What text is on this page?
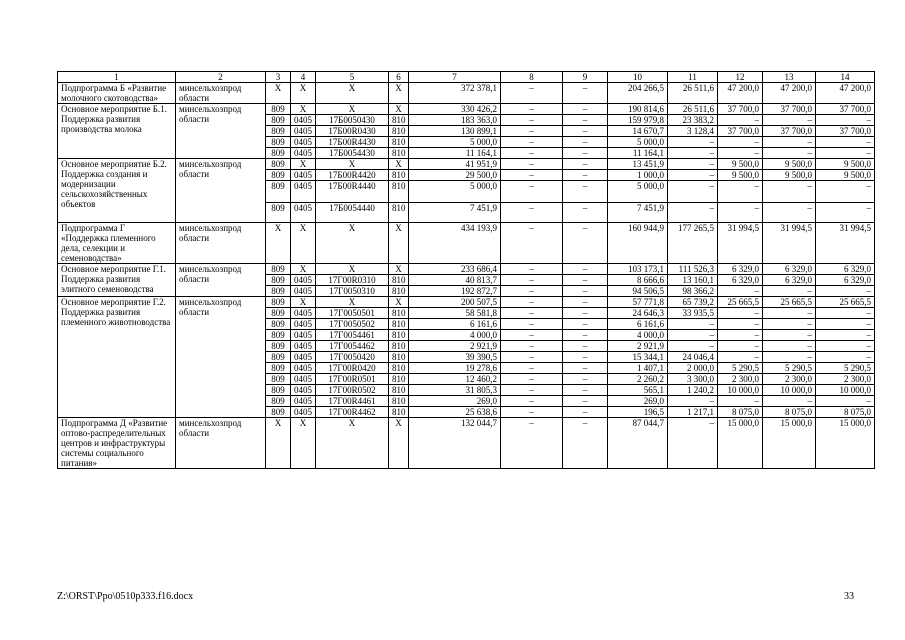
1	2	3	4	5	6	7	8	9	10	11	12	13	14
Подпрограмма Б «Развитие молочного скотоводства»	минсельхозпрод области	X	X	X	X	372 378,1	–	–	204 266,5	26 511,6	47 200,0	47 200,0	47 200,0
Основное мероприятие Б.1. Поддержка развития производства молока	минсельхозпрод области	809	X	X	X	330 426,2	–	–	190 814,6	26 511,6	37 700,0	37 700,0	37 700,0
		809	0405	17Б0050430	810	183 363,0	–	–	159 979,8	23 383,2	–	–	–
		809	0405	17Б00R0430	810	130 899,1	–	–	14 670,7	3 128,4	37 700,0	37 700,0	37 700,0
		809	0405	17Б00R4430	810	5 000,0	–	–	5 000,0	–	–	–	–
		809	0405	17Б0054430	810	11 164,1	–	–	11 164,1	–	–	–	–
Основное мероприятие Б.2. Поддержка создания и модернизации сельскохозяйственных объектов	минсельхозпрод области	809	X	X	X	41 951,9	–	–	13 451,9	–	9 500,0	9 500,0	9 500,0
		809	0405	17Б00R4420	810	29 500,0	–	–	1 000,0	–	9 500,0	9 500,0	9 500,0
		809	0405	17Б00R4440	810	5 000,0	–	–	5 000,0	–	–	–	–
		809	0405	17Б0054440	810	7 451,9	–	–	7 451,9	–	–	–	–
Подпрограмма Г «Поддержка племенного дела, селекции и семеноводства»	минсельхозпрод области	X	X	X	X	434 193,9	–	–	160 944,9	177 265,5	31 994,5	31 994,5	31 994,5
Основное мероприятие Г.1. Поддержка развития элитного семеноводства	минсельхозпрод области	809	X	X	X	233 686,4	–	–	103 173,1	111 526,3	6 329,0	6 329,0	6 329,0
		809	0405	17Г00R0310	810	40 813,7	–	–	8 666,6	13 160,1	6 329,0	6 329,0	6 329,0
		809	0405	17Г0050310	810	192 872,7	–	–	94 506,5	98 366,2	–	–	–
Основное мероприятие Г.2. Поддержка развития племенного животноводства	минсельхозпрод области	809	X	X	X	200 507,5	–	–	57 771,8	65 739,2	25 665,5	25 665,5	25 665,5
		809	0405	17Г0050501	810	58 581,8	–	–	24 646,3	33 935,5	–	–	–
		809	0405	17Г0050502	810	6 161,6	–	–	6 161,6	–	–	–	–
		809	0405	17Г0054461	810	4 000,0	–	–	4 000,0	–	–	–	–
		809	0405	17Г0054462	810	2 921,9	–	–	2 921,9	–	–	–	–
		809	0405	17Г0050420	810	39 390,5	–	–	15 344,1	24 046,4	–	–	–
		809	0405	17Г00R0420	810	19 278,6	–	–	1 407,1	2 000,0	5 290,5	5 290,5	5 290,5
		809	0405	17Г00R0501	810	12 460,2	–	–	2 260,2	3 300,0	2 300,0	2 300,0	2 300,0
		809	0405	17Г00R0502	810	31 805,3	–	–	565,1	1 240,2	10 000,0	10 000,0	10 000,0
		809	0405	17Г00R4461	810	269,0	–	–	269,0	–	–	–	–
		809	0405	17Г00R4462	810	25 638,6	–	–	196,5	1 217,1	8 075,0	8 075,0	8 075,0
Подпрограмма Д «Развитие оптово-распределительных центров и инфраструктуры системы социального питания»	минсельхозпрод области	X	X	X	X	132 044,7	–	–	87 044,7	–	15 000,0	15 000,0	15 000,0
Z:\ORST\Ppo\0510p333.f16.docx	33
